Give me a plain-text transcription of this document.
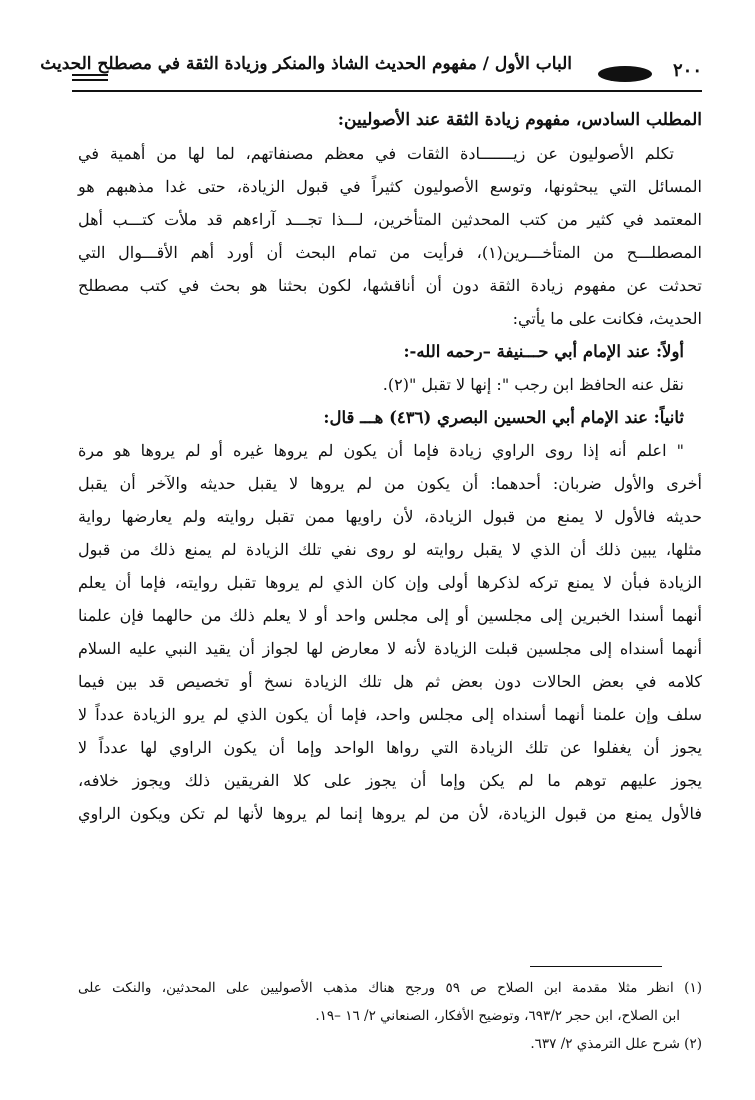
٢٠٠
الباب الأول / مفهوم الحديث الشاذ والمنكر وزيادة الثقة في مصطلح الحديث

المطلب السادس، مفهوم زيادة الثقة عند الأصوليين:

تكلم الأصوليون عن زيـــــــادة الثقات في معظم مصنفاتهم، لما لها من أهمية في

المسائل التي يبحثونها، وتوسع الأصوليون كثيراً في قبول الزيادة، حتى غدا مذهبهم هو

المعتمد في كثير من كتب المحدثين المتأخرين، لـــذا تجـــد آراءهم قد ملأت كتـــب أهل

المصطلـــح من المتأخـــرين(١)، فرأيت من تمام البحث أن أورد أهم الأقـــوال التي

تحدثت عن مفهوم زيادة الثقة دون أن أناقشها، لكون بحثنا هو بحث في كتب مصطلح

الحديث، فكانت على ما يأتي:

أولاً: عند الإمام أبي حـــنيفة –رحمه الله-:

نقل عنه الحافظ ابن رجب ": إنها لا تقبل "(٢).

ثانياً: عند الإمام أبي الحسين البصري (٤٣٦) هـــ قال:

" اعلم أنه إذا روى الراوي زيادة فإما أن يكون لم يروها غيره أو لم يروها هو مرة

أخرى والأول ضربان: أحدهما: أن يكون من لم يروها لا يقبل حديثه والآخر أن يقبل

حديثه فالأول لا يمنع من قبول الزيادة، لأن راويها ممن تقبل روايته ولم يعارضها رواية

مثلها، يبين ذلك أن الذي لا يقبل روايته لو روى نفي تلك الزيادة لم يمنع ذلك من قبول

الزيادة فبأن لا يمنع تركه لذكرها أولى وإن كان الذي لم يروها تقبل روايته، فإما أن يعلم

أنهما أسندا الخبرين إلى مجلسين أو إلى مجلس واحد أو لا يعلم ذلك من حالهما فإن علمنا

أنهما أسنداه إلى مجلسين قبلت الزيادة لأنه لا معارض لها لجواز أن يقيد النبي عليه السلام

كلامه في بعض الحالات دون بعض ثم هل تلك الزيادة نسخ أو تخصيص قد بين فيما

سلف وإن علمنا أنهما أسنداه إلى مجلس واحد، فإما أن يكون الذي لم يرو الزيادة عدداً لا

يجوز أن يغفلوا عن تلك الزيادة التي رواها الواحد وإما أن يكون الراوي لها عدداً لا

يجوز عليهم توهم ما لم يكن وإما أن يجوز على كلا الفريقين ذلك ويجوز خلافه،

فالأول يمنع من قبول الزيادة، لأن من لم يروها إنما لم يروها لأنها لم تكن ويكون الراوي

(١) انظر مثلا مقدمة ابن الصلاح ص ٥٩ ورجح هناك مذهب الأصوليين على المحدثين، والنكت على

ابن الصلاح، ابن حجر ٦٩٣/٢، وتوضيح الأفكار، الصنعاني ٢/ ١٦ –١٩.

(٢) شرح علل الترمذي ٢/ ٦٣٧.
